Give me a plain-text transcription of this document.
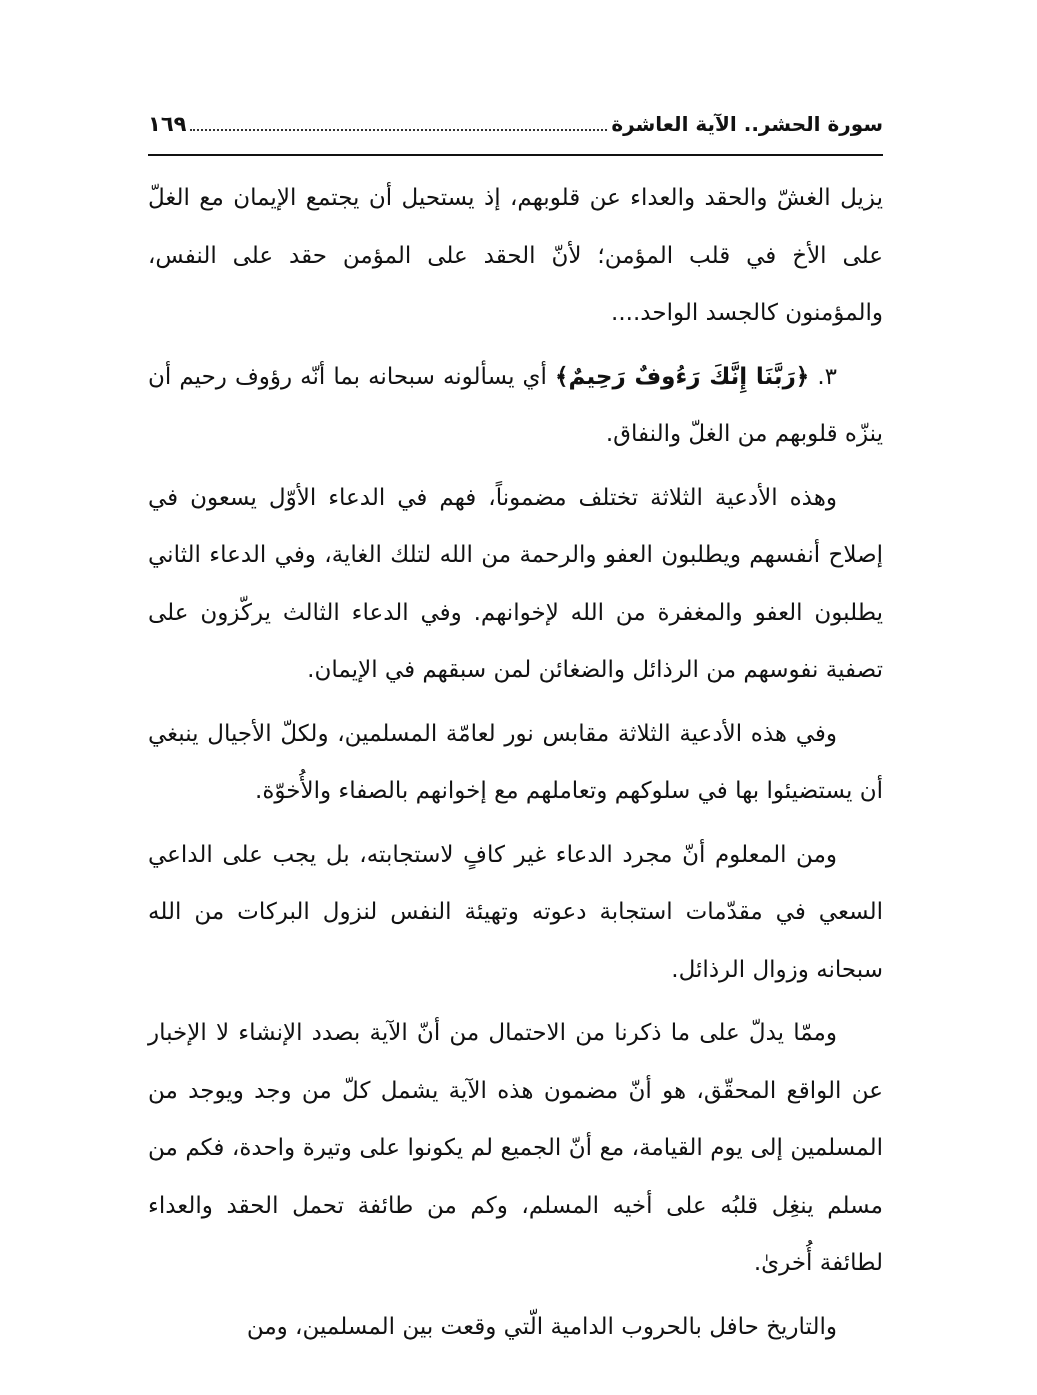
سورة الحشر.. الآية العاشرة
١٦٩

يزيل الغشّ والحقد والعداء عن قلوبهم، إذ يستحيل أن يجتمع الإيمان مع الغلّ على الأخ في قلب المؤمن؛ لأنّ الحقد على المؤمن حقد على النفس، والمؤمنون كالجسد الواحد....

٣. ﴿رَبَّنَا إِنَّكَ رَءُوفٌ رَحِيمٌ﴾ أي يسألونه سبحانه بما أنّه رؤوف رحيم أن ينزّه قلوبهم من الغلّ والنفاق.

وهذه الأدعية الثلاثة تختلف مضموناً، فهم في الدعاء الأوّل يسعون في إصلاح أنفسهم ويطلبون العفو والرحمة من الله لتلك الغاية، وفي الدعاء الثاني يطلبون العفو والمغفرة من الله لإخوانهم. وفي الدعاء الثالث يركّزون على تصفية نفوسهم من الرذائل والضغائن لمن سبقهم في الإيمان.

وفي هذه الأدعية الثلاثة مقابس نور لعامّة المسلمين، ولكلّ الأجيال ينبغي أن يستضيئوا بها في سلوكهم وتعاملهم مع إخوانهم بالصفاء والأُخوّة.

ومن المعلوم أنّ مجرد الدعاء غير كافٍ لاستجابته، بل يجب على الداعي السعي في مقدّمات استجابة دعوته وتهيئة النفس لنزول البركات من الله سبحانه وزوال الرذائل.

وممّا يدلّ على ما ذكرنا من الاحتمال من أنّ الآية بصدد الإنشاء لا الإخبار عن الواقع المحقّق، هو أنّ مضمون هذه الآية يشمل كلّ من وجد ويوجد من المسلمين إلى يوم القيامة، مع أنّ الجميع لم يكونوا على وتيرة واحدة، فكم من مسلم ينغِل قلبُه على أخيه المسلم، وكم من طائفة تحمل الحقد والعداء لطائفة أُخرىٰ.

والتاريخ حافل بالحروب الدامية الّتي وقعت بين المسلمين، ومن
